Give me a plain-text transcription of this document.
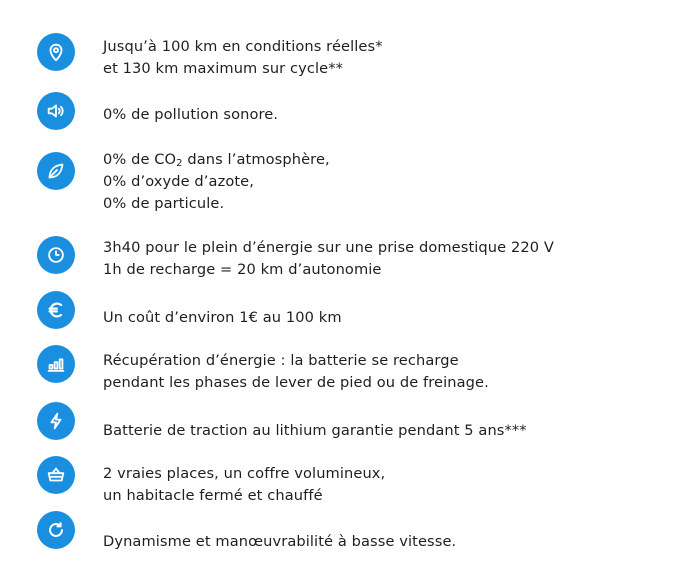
Jusqu’à 100 km en conditions réelles*
et 130 km maximum sur cycle**
0% de pollution sonore.
0% de $CO_2$ dans l’atmosphère,
0% d’oxyde d’azote,
0% de particule.
3h40 pour le plein d’énergie sur une prise domestique 220 V
1h de recharge = 20 km d’autonomie
Un coût d’environ 1€ au 100 km
Récupération d’énergie : la batterie se recharge
pendant les phases de lever de pied ou de freinage.
Batterie de traction au lithium garantie pendant 5 ans***
2 vraies places, un coffre volumineux,
un habitacle fermé et chauffé
Dynamisme et manœuvrabilité à basse vitesse.
